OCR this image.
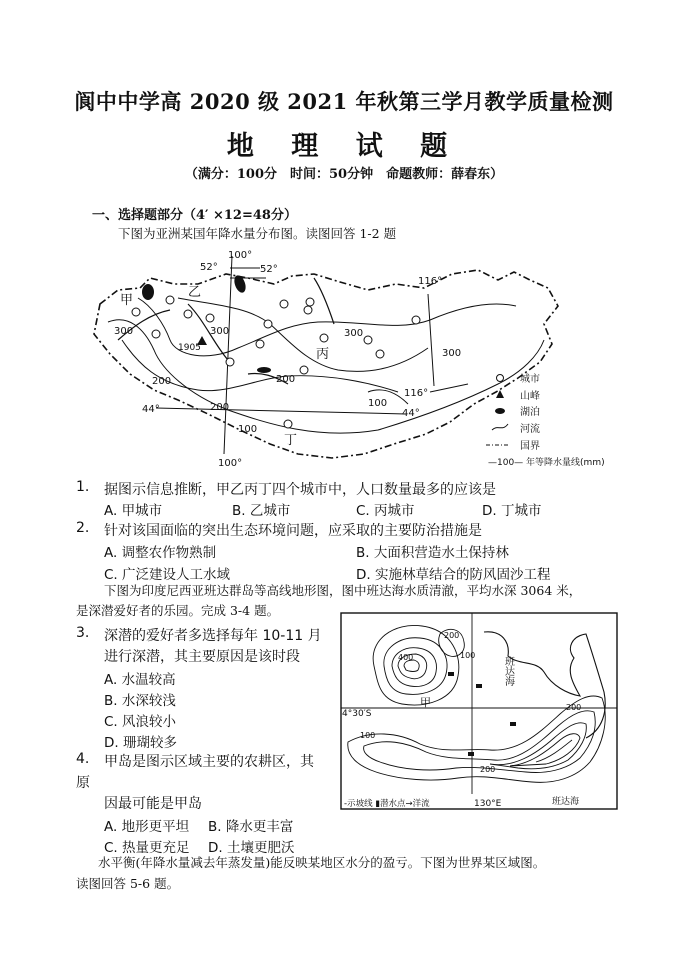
阆中中学高 2020 级 2021 年秋第三学月教学质量检测
地 理 试 题
（满分：100分　时间：50分钟　命题教师：薛春东）
一、选择题部分（4′ ×12=48分）
下图为亚洲某国年降水量分布图。读图回答 1-2 题
52°
100°
52°
116°
116°
44°	44°
100°
1905
300	300	300
300
200	200
200
100
100
甲
乙
丙
丁
城市
山峰
湖泊
河流
国界
—100— 年等降水量线(mm)
1. 据图示信息推断，甲乙丙丁四个城市中，人口数量最多的应该是
A. 甲城市	B. 乙城市	C. 丙城市	D. 丁城市
2. 针对该国面临的突出生态环境问题，应采取的主要防治措施是
A. 调整农作物熟制	B. 大面积营造水土保持林
C. 广泛建设人工水域	D. 实施林草结合的防风固沙工程
下图为印度尼西亚班达群岛等高线地形图，图中班达海水质清澈，平均水深 3064 米，
是深潜爱好者的乐园。完成 3-4 题。
3. 深潜的爱好者多选择每年 10-11 月
进行深潜，其主要原因是该时段
A. 水温较高
B. 水深较浅
C. 风浪较小
D. 珊瑚较多
4. 甲岛是图示区域主要的农耕区，其
原
因最可能是甲岛
A. 地形更平坦 B. 降水更丰富
C. 热量更充足 D. 土壤更肥沃
400
200
200
200
100
100
甲
4°30′S
130°E	班达海
班达海
-示坡线 ▮潜水点→洋流
水平衡(年降水量减去年蒸发量)能反映某地区水分的盈亏。下图为世界某区域图。
读图回答 5-6 题。
